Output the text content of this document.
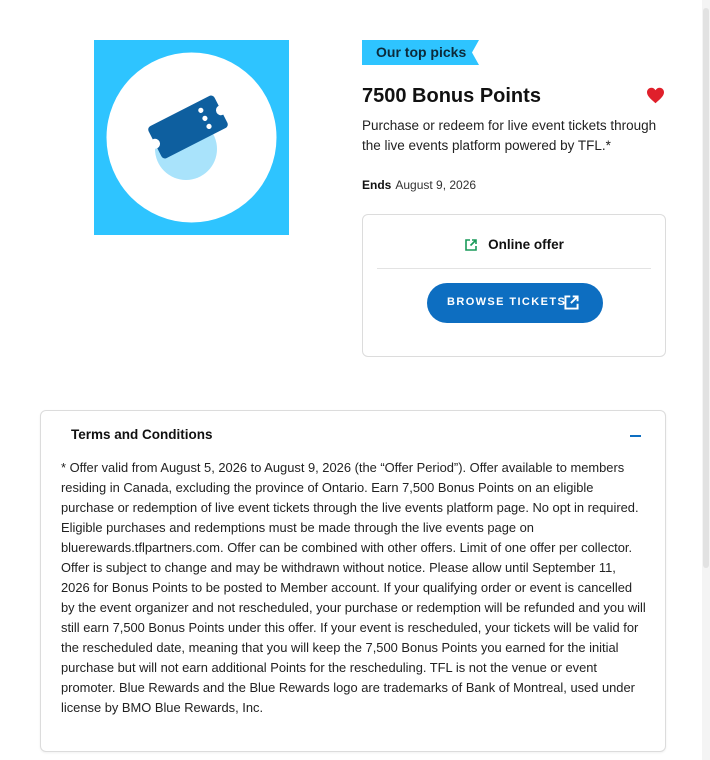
Our top picks
7500 Bonus Points

Purchase or redeem for live event tickets through the live events platform powered by TFL.*

Ends August 9, 2026
Online offer
BROWSE TICKETS
Terms and Conditions

* Offer valid from August 5, 2026 to August 9, 2026 (the “Offer Period”). Offer available to members residing in Canada, excluding the province of Ontario. Earn 7,500 Bonus Points on an eligible purchase or redemption of live event tickets through the live events platform page. No opt in required. Eligible purchases and redemptions must be made through the live events page on bluerewards.tflpartners.com. Offer can be combined with other offers. Limit of one offer per collector. Offer is subject to change and may be withdrawn without notice. Please allow until September 11, 2026 for Bonus Points to be posted to Member account. If your qualifying order or event is cancelled by the event organizer and not rescheduled, your purchase or redemption will be refunded and you will still earn 7,500 Bonus Points under this offer. If your event is rescheduled, your tickets will be valid for the rescheduled date, meaning that you will keep the 7,500 Bonus Points you earned for the initial purchase but will not earn additional Points for the rescheduling. TFL is not the venue or event promoter. Blue Rewards and the Blue Rewards logo are trademarks of Bank of Montreal, used under license by BMO Blue Rewards, Inc.
